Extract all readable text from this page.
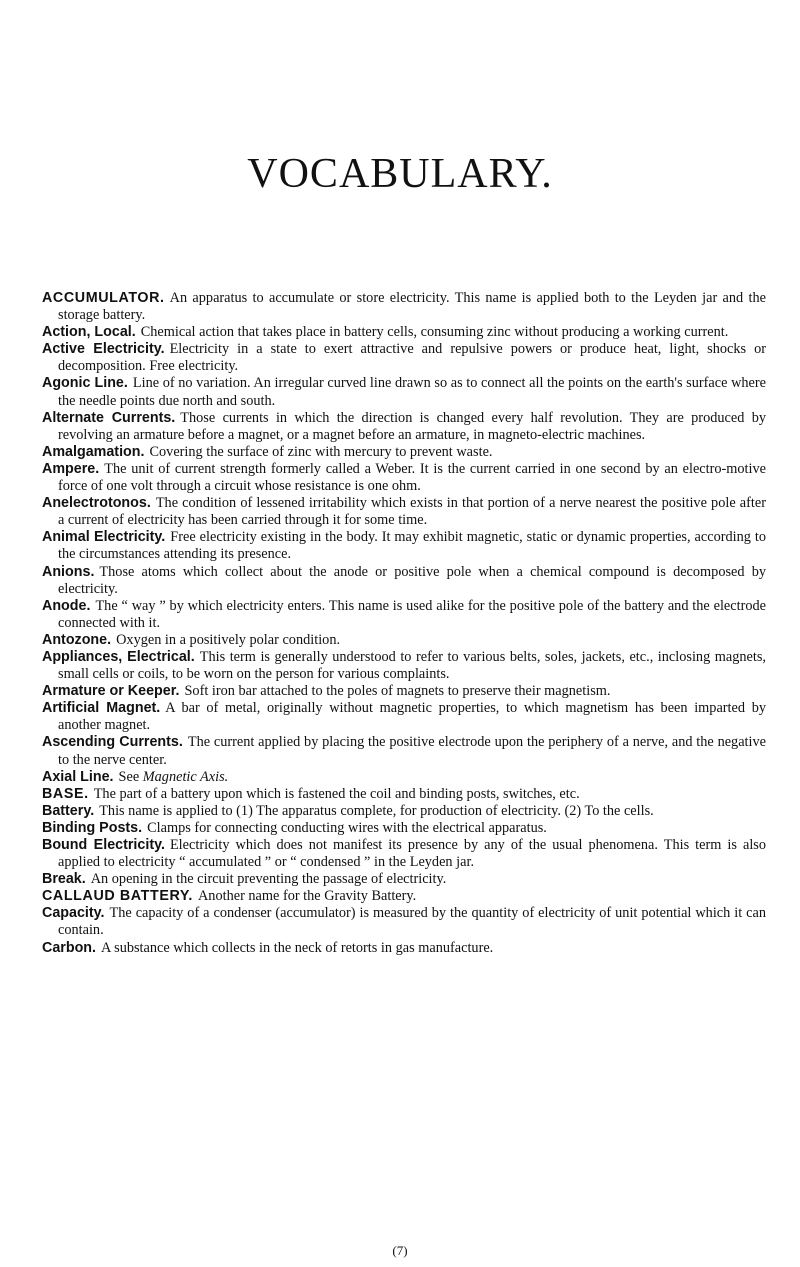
VOCABULARY.
ACCUMULATOR. An apparatus to accumulate or store electricity. This name is applied both to the Leyden jar and the storage battery.
Action, Local. Chemical action that takes place in battery cells, consuming zinc without producing a working current.
Active Electricity. Electricity in a state to exert attractive and repulsive powers or produce heat, light, shocks or decomposition. Free electricity.
Agonic Line. Line of no variation. An irregular curved line drawn so as to connect all the points on the earth's surface where the needle points due north and south.
Alternate Currents. Those currents in which the direction is changed every half revolution. They are produced by revolving an armature before a magnet, or a magnet before an armature, in magneto-electric machines.
Amalgamation. Covering the surface of zinc with mercury to prevent waste.
Ampere. The unit of current strength formerly called a Weber. It is the current carried in one second by an electro-motive force of one volt through a circuit whose resistance is one ohm.
Anelectrotonos. The condition of lessened irritability which exists in that portion of a nerve nearest the positive pole after a current of electricity has been carried through it for some time.
Animal Electricity. Free electricity existing in the body. It may exhibit magnetic, static or dynamic properties, according to the circumstances attending its presence.
Anions. Those atoms which collect about the anode or positive pole when a chemical compound is decomposed by electricity.
Anode. The “ way ” by which electricity enters. This name is used alike for the positive pole of the battery and the electrode connected with it.
Antozone. Oxygen in a positively polar condition.
Appliances, Electrical. This term is generally understood to refer to various belts, soles, jackets, etc., inclosing magnets, small cells or coils, to be worn on the person for various complaints.
Armature or Keeper. Soft iron bar attached to the poles of magnets to preserve their magnetism.
Artificial Magnet. A bar of metal, originally without magnetic properties, to which magnetism has been imparted by another magnet.
Ascending Currents. The current applied by placing the positive electrode upon the periphery of a nerve, and the negative to the nerve center.
Axial Line. See Magnetic Axis.
BASE. The part of a battery upon which is fastened the coil and binding posts, switches, etc.
Battery. This name is applied to (1) The apparatus complete, for production of electricity. (2) To the cells.
Binding Posts. Clamps for connecting conducting wires with the electrical apparatus.
Bound Electricity. Electricity which does not manifest its presence by any of the usual phenomena. This term is also applied to electricity “ accumulated ” or “ condensed ” in the Leyden jar.
Break. An opening in the circuit preventing the passage of electricity.
CALLAUD BATTERY. Another name for the Gravity Battery.
Capacity. The capacity of a condenser (accumulator) is measured by the quantity of electricity of unit potential which it can contain.
Carbon. A substance which collects in the neck of retorts in gas manufacture.
(7)
